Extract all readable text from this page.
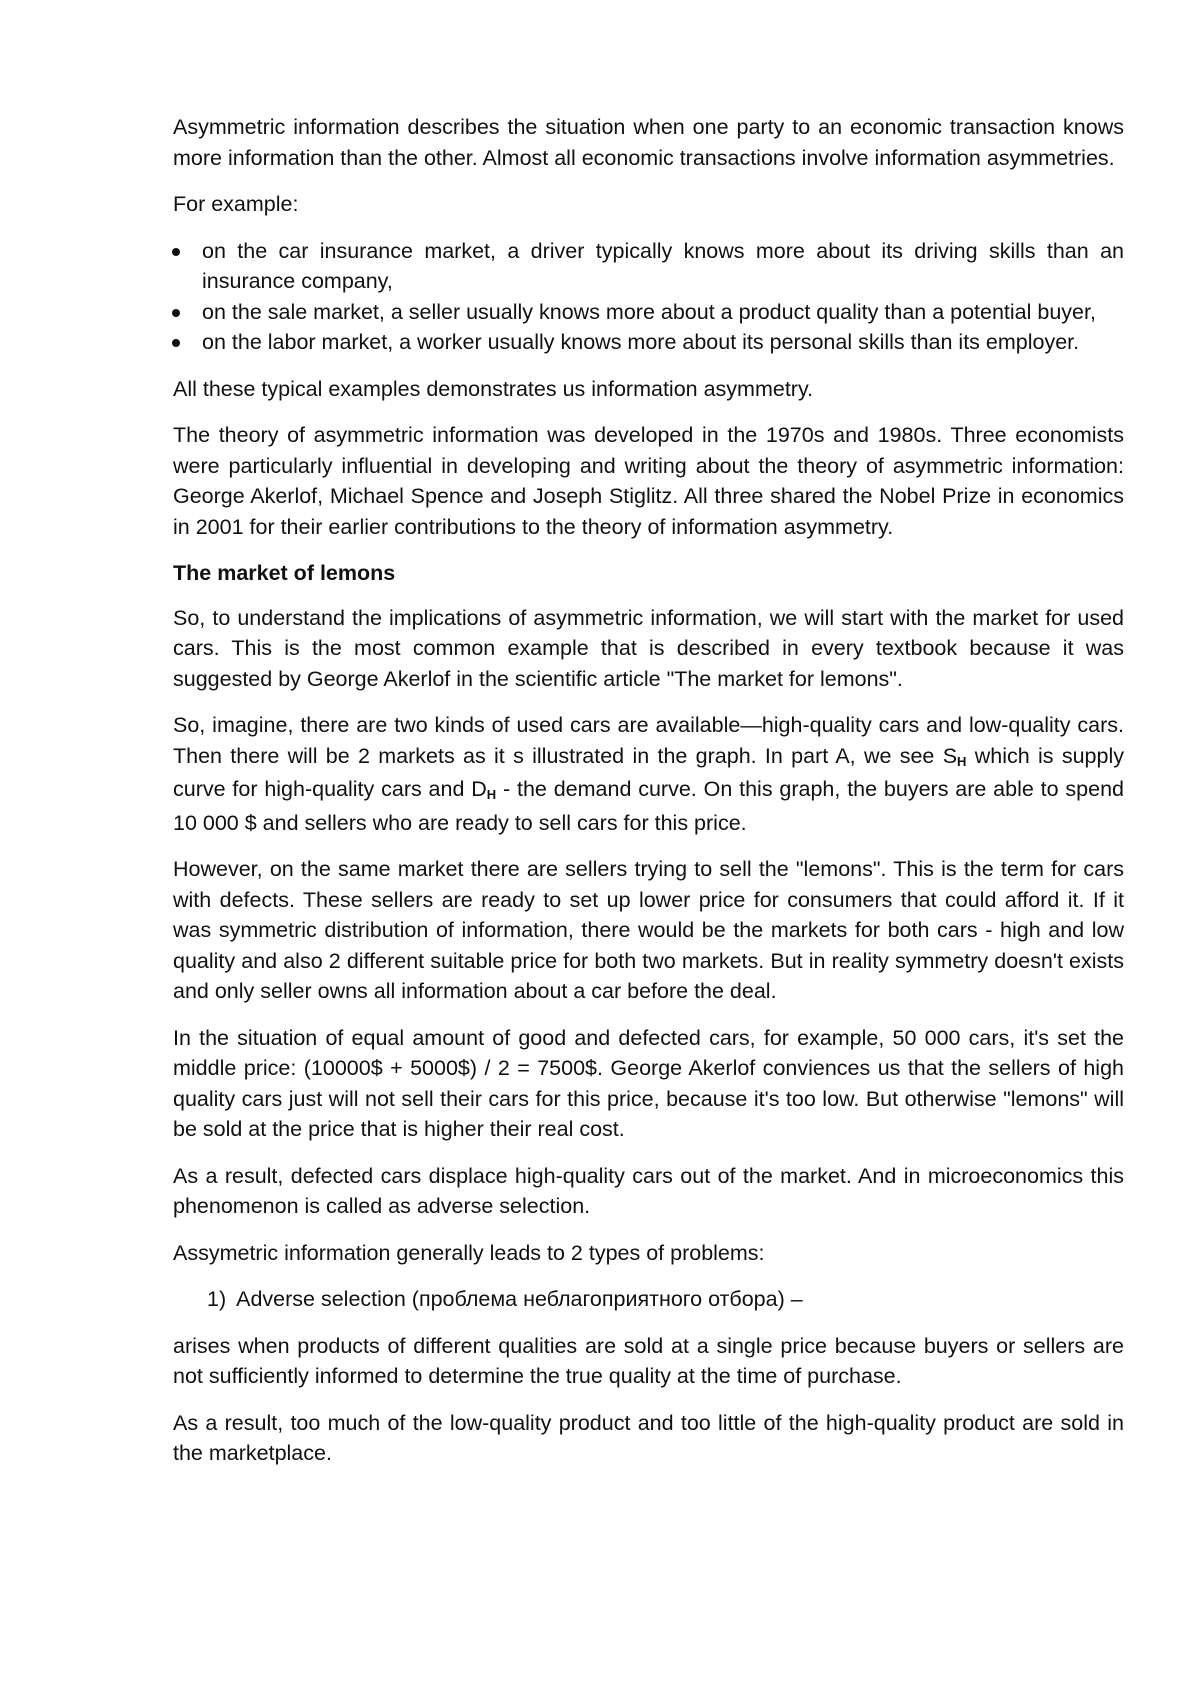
Asymmetric information describes the situation when one party to an economic transaction knows more information than the other. Almost all economic transactions involve information asymmetries.

For example:

on the car insurance market, a driver typically knows more about its driving skills than an insurance company,
on the sale market, a seller usually knows more about a product quality than a potential buyer,
on the labor market, a worker usually knows more about its personal skills than its employer.

All these typical examples demonstrates us information asymmetry.

The theory of asymmetric information was developed in the 1970s and 1980s. Three economists were particularly influential in developing and writing about the theory of asymmetric information: George Akerlof, Michael Spence and Joseph Stiglitz. All three shared the Nobel Prize in economics in 2001 for their earlier contributions to the theory of information asymmetry.

The market of lemons

So, to understand the implications of asymmetric information, we will start with the market for used cars. This is the most common example that is described in every textbook because it was suggested by George Akerlof in the scientific article "The market for lemons".

So, imagine, there are two kinds of used cars are available—high-quality cars and low-quality cars. Then there will be 2 markets as it s illustrated in the graph. In part A, we see SH which is supply curve for high-quality cars and DH - the demand curve. On this graph, the buyers are able to spend 10 000 $ and sellers who are ready to sell cars for this price.

However, on the same market there are sellers trying to sell the "lemons". This is the term for cars with defects. These sellers are ready to set up lower price for consumers that could afford it. If it was symmetric distribution of information, there would be the markets for both cars - high and low quality and also 2 different suitable price for both two markets. But in reality symmetry doesn't exists and only seller owns all information about a car before the deal.

In the situation of equal amount of good and defected cars, for example, 50 000 cars, it's set the middle price: (10000$ + 5000$) / 2 = 7500$. George Akerlof conviences us that the sellers of high quality cars just will not sell their cars for this price, because it's too low. But otherwise "lemons" will be sold at the price that is higher their real cost.

As a result, defected cars displace high-quality cars out of the market. And in microeconomics this phenomenon is called as adverse selection.

Assymetric information generally leads to 2 types of problems:

1) Adverse selection (проблема неблагоприятного отбора) –

arises when products of different qualities are sold at a single price because buyers or sellers are not sufficiently informed to determine the true quality at the time of purchase.

As a result, too much of the low-quality product and too little of the high-quality product are sold in the marketplace.
